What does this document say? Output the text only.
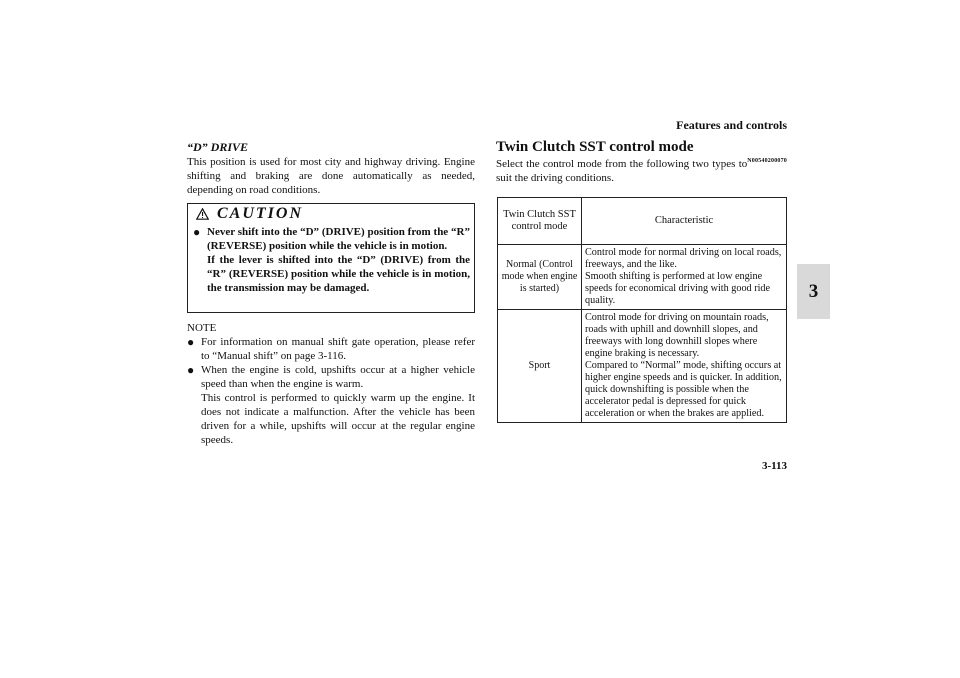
Features and controls
3
“D” DRIVE

This position is used for most city and highway driving. Engine shifting and braking are done automatically as needed, depending on road conditions.

CAUTION
● Never shift into the “D” (DRIVE) position from the “R” (REVERSE) position while the vehicle is in motion.
If the lever is shifted into the “D” (DRIVE) from the “R” (REVERSE) position while the vehicle is in motion, the transmission may be damaged.
NOTE
● For information on manual shift gate operation, please refer to “Manual shift” on page 3-116.
● When the engine is cold, upshifts occur at a higher vehicle speed than when the engine is warm.
This control is performed to quickly warm up the engine. It does not indicate a malfunction. After the vehicle has been driven for a while, upshifts will occur at the regular engine speeds.
Twin Clutch SST control mode
N00540200070
Select the control mode from the following two types to suit the driving conditions.
Twin Clutch SST control mode	Characteristic
Normal (Control mode when engine is started)	Control mode for normal driving on local roads, freeways, and the like.
Smooth shifting is performed at low engine speeds for economical driving with good ride quality.
Sport	Control mode for driving on mountain roads, roads with uphill and downhill slopes, and freeways with long downhill slopes where engine braking is necessary.
Compared to “Normal” mode, shifting occurs at higher engine speeds and is quicker. In addition, quick downshifting is possible when the accelerator pedal is depressed for quick acceleration or when the brakes are applied.
3-113
